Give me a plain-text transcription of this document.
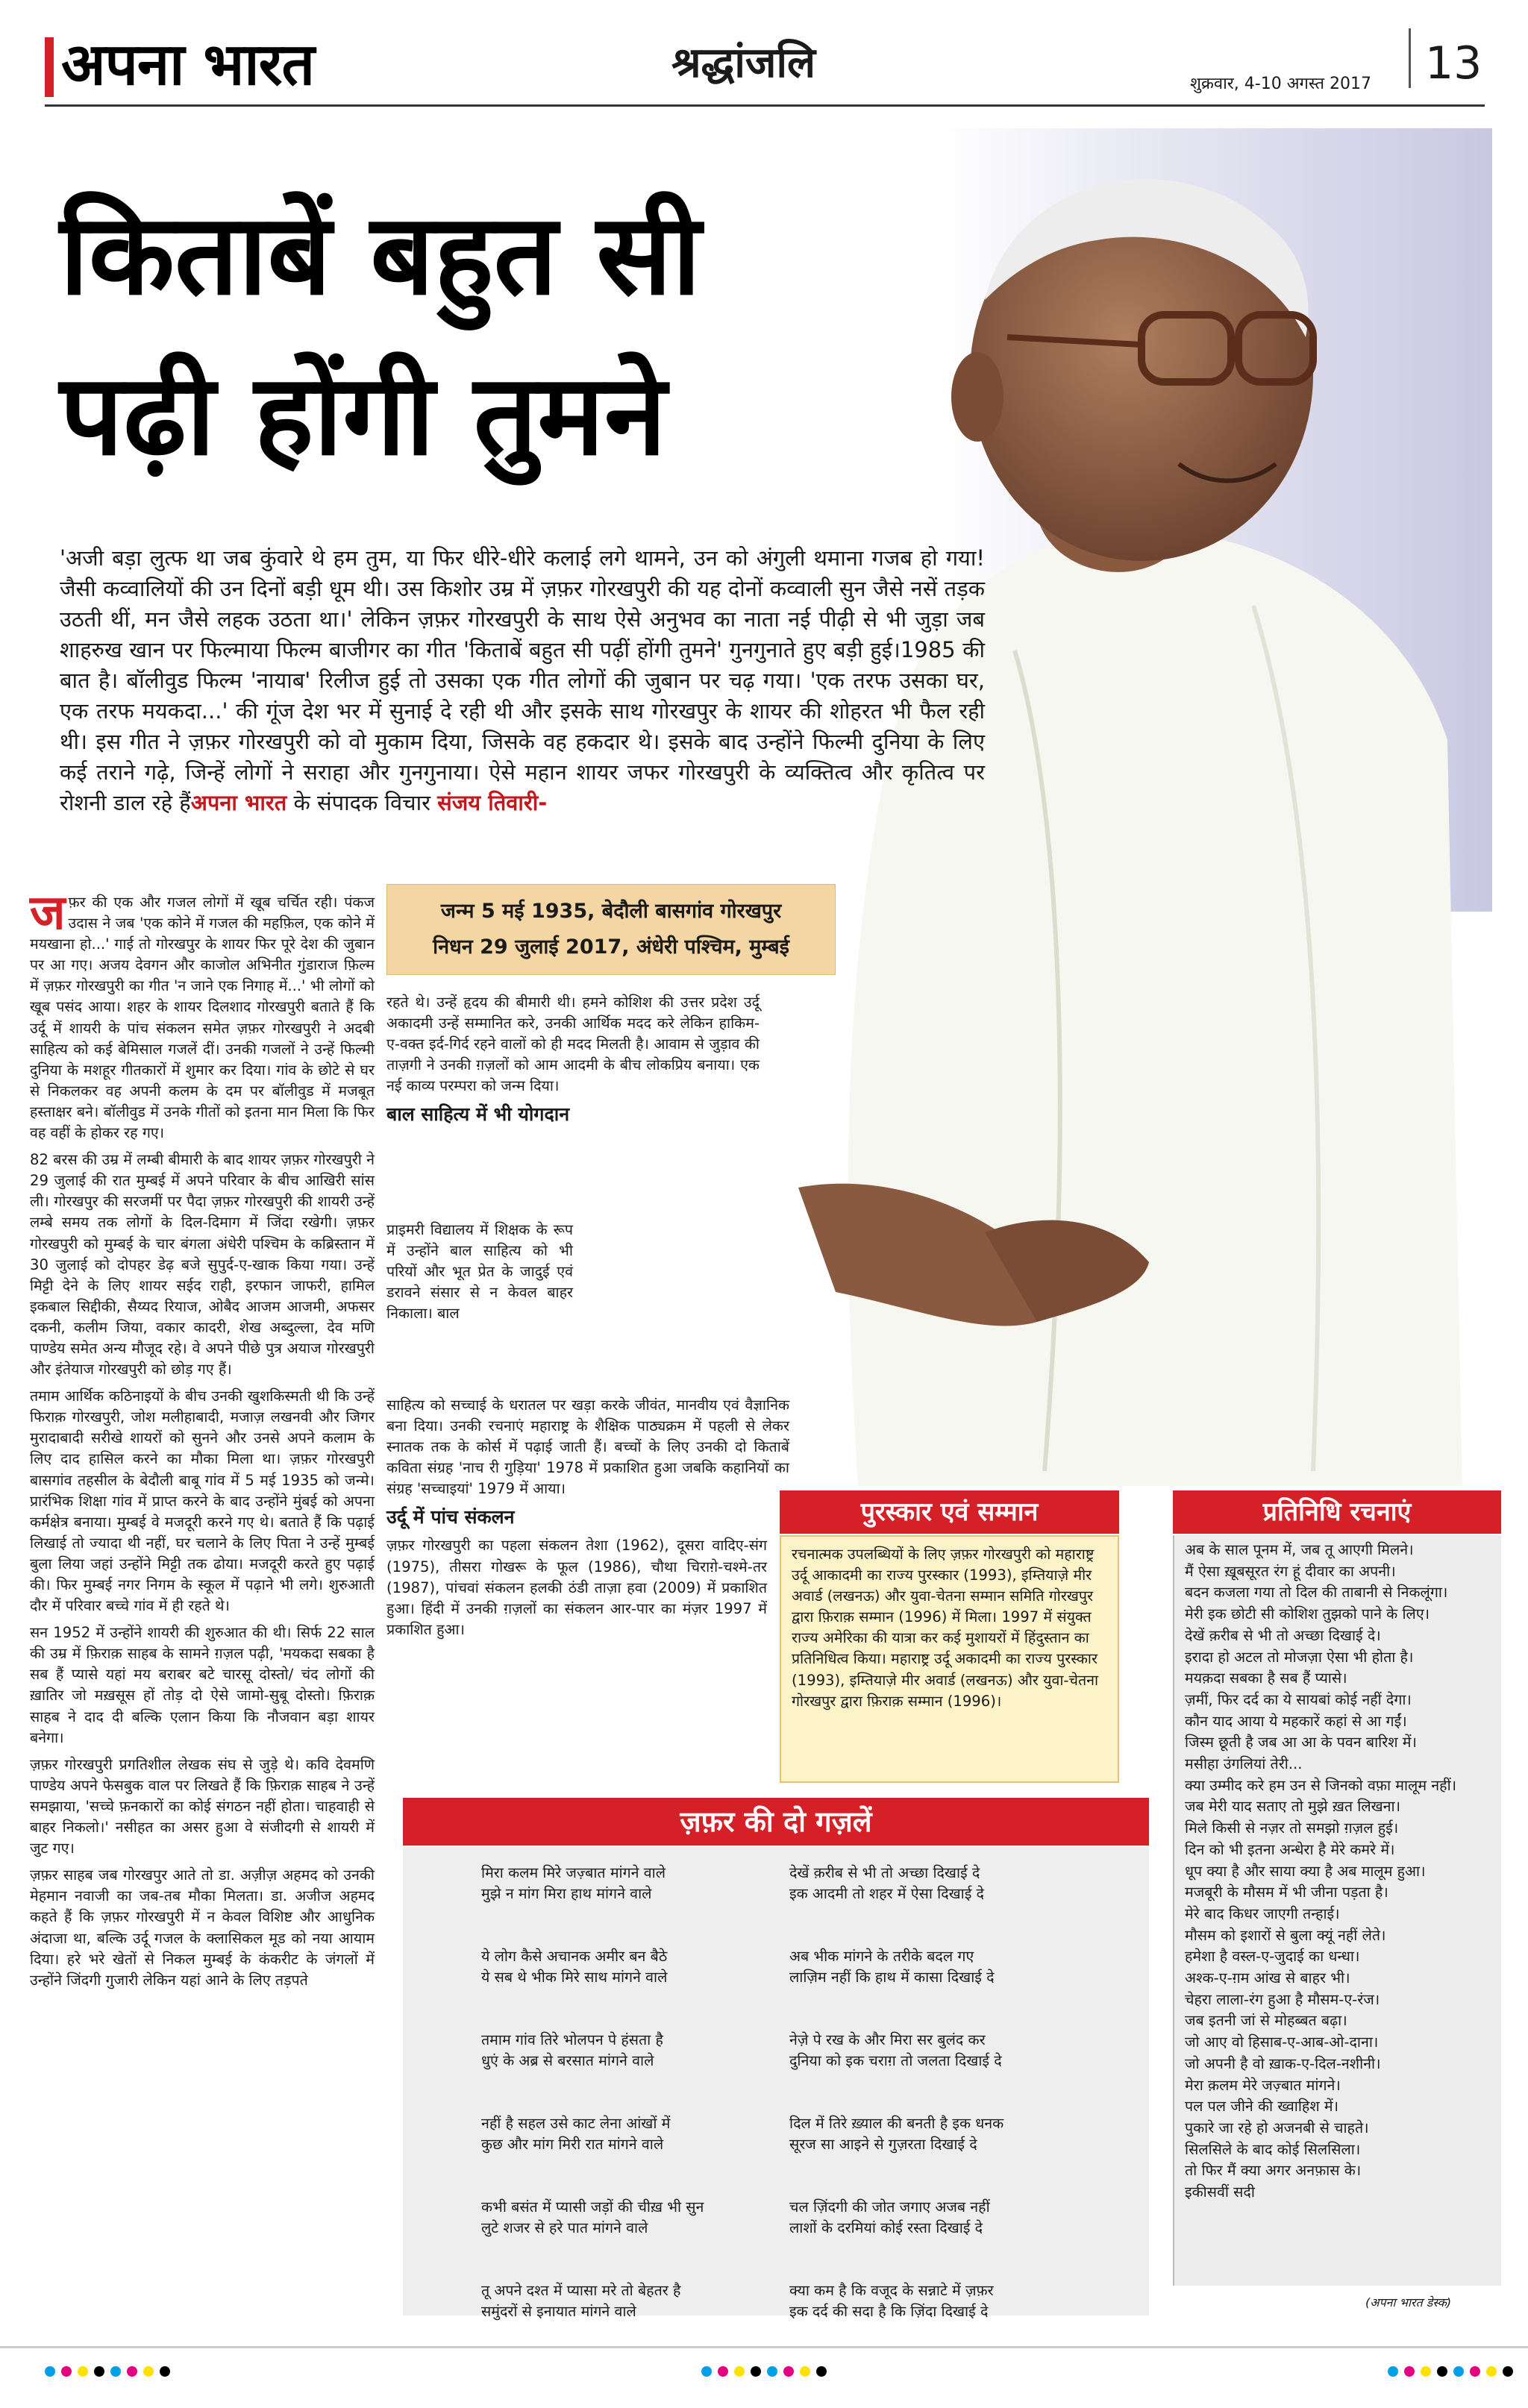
अपना भारत	श्रद्धांजलि	शुक्रवार, 4-10 अगस्त 2017 13
किताबें बहुत सी
पढ़ी होंगी तुमने
'अजी बड़ा लुत्फ था जब कुंवारे थे हम तुम, या फिर धीरे-धीरे कलाई लगे थामने, उन को अंगुली थमाना गजब हो गया! जैसी कव्वालियों की उन दिनों बड़ी धूम थी। उस किशोर उम्र में ज़फ़र गोरखपुरी की यह दोनों कव्वाली सुन जैसे नसें तड़क उठती थीं, मन जैसे लहक उठता था।' लेकिन ज़फ़र गोरखपुरी के साथ ऐसे अनुभव का नाता नई पीढ़ी से भी जुड़ा जब शाहरुख खान पर फिल्माया फिल्म बाजीगर का गीत 'किताबें बहुत सी पढ़ीं होंगी तुमने' गुनगुनाते हुए बड़ी हुई।1985 की बात है। बॉलीवुड फिल्म 'नायाब' रिलीज हुई तो उसका एक गीत लोगों की जुबान पर चढ़ गया। 'एक तरफ उसका घर, एक तरफ मयकदा...' की गूंज देश भर में सुनाई दे रही थी और इसके साथ गोरखपुर के शायर की शोहरत भी फैल रही थी। इस गीत ने ज़फ़र गोरखपुरी को वो मुकाम दिया, जिसके वह हकदार थे। इसके बाद उन्होंने फिल्मी दुनिया के लिए कई तराने गढ़े, जिन्हें लोगों ने सराहा और गुनगुनाया। ऐसे महान शायर जफर गोरखपुरी के व्यक्तित्व और कृतित्व पर रोशनी डाल रहे हैंअपना भारत के संपादक विचार संजय तिवारी-

जफ़र की एक और गजल लोगों में खूब चर्चित रही। पंकज उदास ने जब 'एक कोने में गजल की महफ़िल, एक कोने में मयखाना हो...' गाई तो गोरखपुर के शायर फिर पूरे देश की जुबान पर आ गए। अजय देवगन और काजोल अभिनीत गुंडाराज फ़िल्म में ज़फ़र गोरखपुरी का गीत 'न जाने एक निगाह में...' भी लोगों को खूब पसंद आया। शहर के शायर दिलशाद गोरखपुरी बताते हैं कि उर्दू में शायरी के पांच संकलन समेत ज़फ़र गोरखपुरी ने अदबी साहित्य को कई बेमिसाल गजलें दीं। उनकी गजलों ने उन्हें फिल्मी दुनिया के मशहूर गीतकारों में शुमार कर दिया। गांव के छोटे से घर से निकलकर वह अपनी कलम के दम पर बॉलीवुड में मजबूत हस्ताक्षर बने। बॉलीवुड में उनके गीतों को इतना मान मिला कि फिर वह वहीं के होकर रह गए।

82 बरस की उम्र में लम्बी बीमारी के बाद शायर ज़फ़र गोरखपुरी ने 29 जुलाई की रात मुम्बई में अपने परिवार के बीच आखिरी सांस ली। गोरखपुर की सरजमीं पर पैदा ज़फ़र गोरखपुरी की शायरी उन्हें लम्बे समय तक लोगों के दिल-दिमाग में जिंदा रखेगी। ज़फ़र गोरखपुरी को मुम्बई के चार बंगला अंधेरी पश्चिम के कब्रिस्तान में 30 जुलाई को दोपहर डेढ़ बजे सुपुर्द-ए-खाक किया गया। उन्हें मिट्टी देने के लिए शायर सईद राही, इरफान जाफरी, हामिल इकबाल सिद्दीकी, सैय्यद रियाज, ओबैद आजम आजमी, अफसर दकनी, कलीम जिया, वकार कादरी, शेख अब्दुल्ला, देव मणि पाण्डेय समेत अन्य मौजूद रहे। वे अपने पीछे पुत्र अयाज गोरखपुरी और इंतेयाज गोरखपुरी को छोड़ गए हैं।

तमाम आर्थिक कठिनाइयों के बीच उनकी खुशकिस्मती थी कि उन्हें फिराक़ गोरखपुरी, जोश मलीहाबादी, मजाज़ लखनवी और जिगर मुरादाबादी सरीखे शायरों को सुनने और उनसे अपने कलाम के लिए दाद हासिल करने का मौका मिला था। ज़फ़र गोरखपुरी बासगांव तहसील के बेदौली बाबू गांव में 5 मई 1935 को जन्मे। प्रारंभिक शिक्षा गांव में प्राप्त करने के बाद उन्होंने मुंबई को अपना कर्मक्षेत्र बनाया। मुम्बई वे मजदूरी करने गए थे। बताते हैं कि पढ़ाई लिखाई तो ज्यादा थी नहीं, घर चलाने के लिए पिता ने उन्हें मुम्बई बुला लिया जहां उन्होंने मिट्टी तक ढोया। मजदूरी करते हुए पढ़ाई की। फिर मुम्बई नगर निगम के स्कूल में पढ़ाने भी लगे। शुरुआती दौर में परिवार बच्चे गांव में ही रहते थे।

सन 1952 में उन्होंने शायरी की शुरुआत की थी। सिर्फ 22 साल की उम्र में फ़िराक़ साहब के सामने ग़ज़ल पढ़ी, 'मयकदा सबका है सब हैं प्यासे यहां मय बराबर बटे चारसू दोस्तो/ चंद लोगों की ख़ातिर जो मख़सूस हों तोड़ दो ऐसे जामो-सुबू दोस्तो। फ़िराक़ साहब ने दाद दी बल्कि एलान किया कि नौजवान बड़ा शायर बनेगा।

ज़फ़र गोरखपुरी प्रगतिशील लेखक संघ से जुड़े थे। कवि देवमणि पाण्डेय अपने फेसबुक वाल पर लिखते हैं कि फ़िराक़ साहब ने उन्हें समझाया, 'सच्चे फ़नकारों का कोई संगठन नहीं होता। चाहवाही से बाहर निकलो।' नसीहत का असर हुआ वे संजीदगी से शायरी में जुट गए।

ज़फ़र साहब जब गोरखपुर आते तो डा. अज़ीज़ अहमद को उनकी मेहमान नवाजी का जब-तब मौका मिलता। डा. अजीज अहमद कहते हैं कि ज़फ़र गोरखपुरी में न केवल विशिष्ट और आधुनिक अंदाजा था, बल्कि उर्दू गजल के क्लासिकल मूड को नया आयाम दिया। हरे भरे खेतों से निकल मुम्बई के कंकरीट के जंगलों में उन्होंने जिंदगी गुजारी लेकिन यहां आने के लिए तड़पते

जन्म 5 मई 1935, बेदौली बासगांव गोरखपुर
निधन 29 जुलाई 2017, अंधेरी पश्चिम, मुम्बई

रहते थे। उन्हें हृदय की बीमारी थी। हमने कोशिश की उत्तर प्रदेश उर्दू अकादमी उन्हें सम्मानित करे, उनकी आर्थिक मदद करे लेकिन हाकिम-ए-वक्त इर्द-गिर्द रहने वालों को ही मदद मिलती है। आवाम से जुड़ाव की ताज़गी ने उनकी ग़ज़लों को आम आदमी के बीच लोकप्रिय बनाया। एक नई काव्य परम्परा को जन्म दिया।

बाल साहित्य में भी योगदान

प्राइमरी विद्यालय में शिक्षक के रूप में उन्होंने बाल साहित्य को भी परियों और भूत प्रेत के जादुई एवं डरावने संसार से न केवल बाहर निकाला। बाल

साहित्य को सच्चाई के धरातल पर खड़ा करके जीवंत, मानवीय एवं वैज्ञानिक बना दिया। उनकी रचनाएं महाराष्ट्र के शैक्षिक पाठ्यक्रम में पहली से लेकर स्नातक तक के कोर्स में पढ़ाई जाती हैं। बच्चों के लिए उनकी दो किताबें कविता संग्रह 'नाच री गुड़िया' 1978 में प्रकाशित हुआ जबकि कहानियों का संग्रह 'सच्चाइयां' 1979 में आया।

उर्दू में पांच संकलन

ज़फ़र गोरखपुरी का पहला संकलन तेशा (1962), दूसरा वादिए-संग (1975), तीसरा गोखरू के फूल (1986), चौथा चिराग़े-चश्मे-तर (1987), पांचवां संकलन हलकी ठंडी ताज़ा हवा (2009) में प्रकाशित हुआ। हिंदी में उनकी ग़ज़लों का संकलन आर-पार का मंज़र 1997 में प्रकाशित हुआ।

पुरस्कार एवं सम्मान
रचनात्मक उपलब्धियों के लिए ज़फ़र गोरखपुरी को महाराष्ट्र उर्दू आकादमी का राज्य पुरस्कार (1993), इम्तियाज़े मीर अवार्ड (लखनऊ) और युवा-चेतना सम्मान समिति गोरखपुर द्वारा फ़िराक़ सम्मान (1996) में मिला। 1997 में संयुक्त राज्य अमेरिका की यात्रा कर कई मुशायरों में हिंदुस्तान का प्रतिनिधित्व किया। महाराष्ट्र उर्दू अकादमी का राज्य पुरस्कार (1993), इम्तियाज़े मीर अवार्ड (लखनऊ) और युवा-चेतना गोरखपुर द्वारा फ़िराक़ सम्मान (1996)।
प्रतिनिधि रचनाएं
अब के साल पूनम में, जब तू आएगी मिलने।
मैं ऐसा ख़ूबसूरत रंग हूं दीवार का अपनी।
बदन कजला गया तो दिल की ताबानी से निकलूंगा।
मेरी इक छोटी सी कोशिश तुझको पाने के लिए।
देखें क़रीब से भी तो अच्छा दिखाई दे।
इरादा हो अटल तो मोजज़ा ऐसा भी होता है।
मयक़दा सबका है सब हैं प्यासे।
ज़मीं, फिर दर्द का ये सायबां कोई नहीं देगा।
कौन याद आया ये महकारें कहां से आ गईं।
जिस्म छूती है जब आ आ के पवन बारिश में।
मसीहा उंगलियां तेरी...
क्या उम्मीद करे हम उन से जिनको वफ़ा मालूम नहीं।
जब मेरी याद सताए तो मुझे ख़त लिखना।
मिले किसी से नज़र तो समझो ग़ज़ल हुई।
दिन को भी इतना अन्धेरा है मेरे कमरे में।
धूप क्या है और साया क्या है अब मालूम हुआ।
मजबूरी के मौसम में भी जीना पड़ता है।
मेरे बाद किधर जाएगी तन्हाई।
मौसम को इशारों से बुला क्यूं नहीं लेते।
हमेशा है वस्ल-ए-जुदाई का धन्धा।
अश्क-ए-ग़म आंख से बाहर भी।
चेहरा लाला-रंग हुआ है मौसम-ए-रंज।
जब इतनी जां से मोहब्बत बढ़ा।
जो आए वो हिसाब-ए-आब-ओ-दाना।
जो अपनी है वो ख़ाक-ए-दिल-नशीनी।
मेरा क़लम मेरे जज़्बात मांगने।
पल पल जीने की ख्वाहिश में।
पुकारे जा रहे हो अजनबी से चाहते।
सिलसिले के बाद कोई सिलसिला।
तो फिर मैं क्या अगर अनफ़ास के।
इकीसवीं सदी
(अपना भारत डेस्क)
ज़फ़र की दो गज़लें
मिरा कलम मिरे जज़्बात मांगने वाले
मुझे न मांग मिरा हाथ मांगने वाले
ये लोग कैसे अचानक अमीर बन बैठे
ये सब थे भीक मिरे साथ मांगने वाले
तमाम गांव तिरे भोलपन पे हंसता है
धुएं के अब्र से बरसात मांगने वाले
नहीं है सहल उसे काट लेना आंखों में
कुछ और मांग मिरी रात मांगने वाले
कभी बसंत में प्यासी जड़ों की चीख़ भी सुन
लुटे शजर से हरे पात मांगने वाले
तू अपने दश्त में प्यासा मरे तो बेहतर है
समुंदरों से इनायात मांगने वाले
देखें क़रीब से भी तो अच्छा दिखाई दे
इक आदमी तो शहर में ऐसा दिखाई दे
अब भीक मांगने के तरीके बदल गए
लाज़िम नहीं कि हाथ में कासा दिखाई दे
नेज़े पे रख के और मिरा सर बुलंद कर
दुनिया को इक चराग़ तो जलता दिखाई दे
दिल में तिरे ख़्याल की बनती है इक धनक
सूरज सा आइने से गुज़रता दिखाई दे
चल ज़िंदगी की जोत जगाए अजब नहीं
लाशों के दरमियां कोई रस्ता दिखाई दे
क्या कम है कि वजूद के सन्नाटे में ज़फ़र
इक दर्द की सदा है कि ज़िंदा दिखाई दे
